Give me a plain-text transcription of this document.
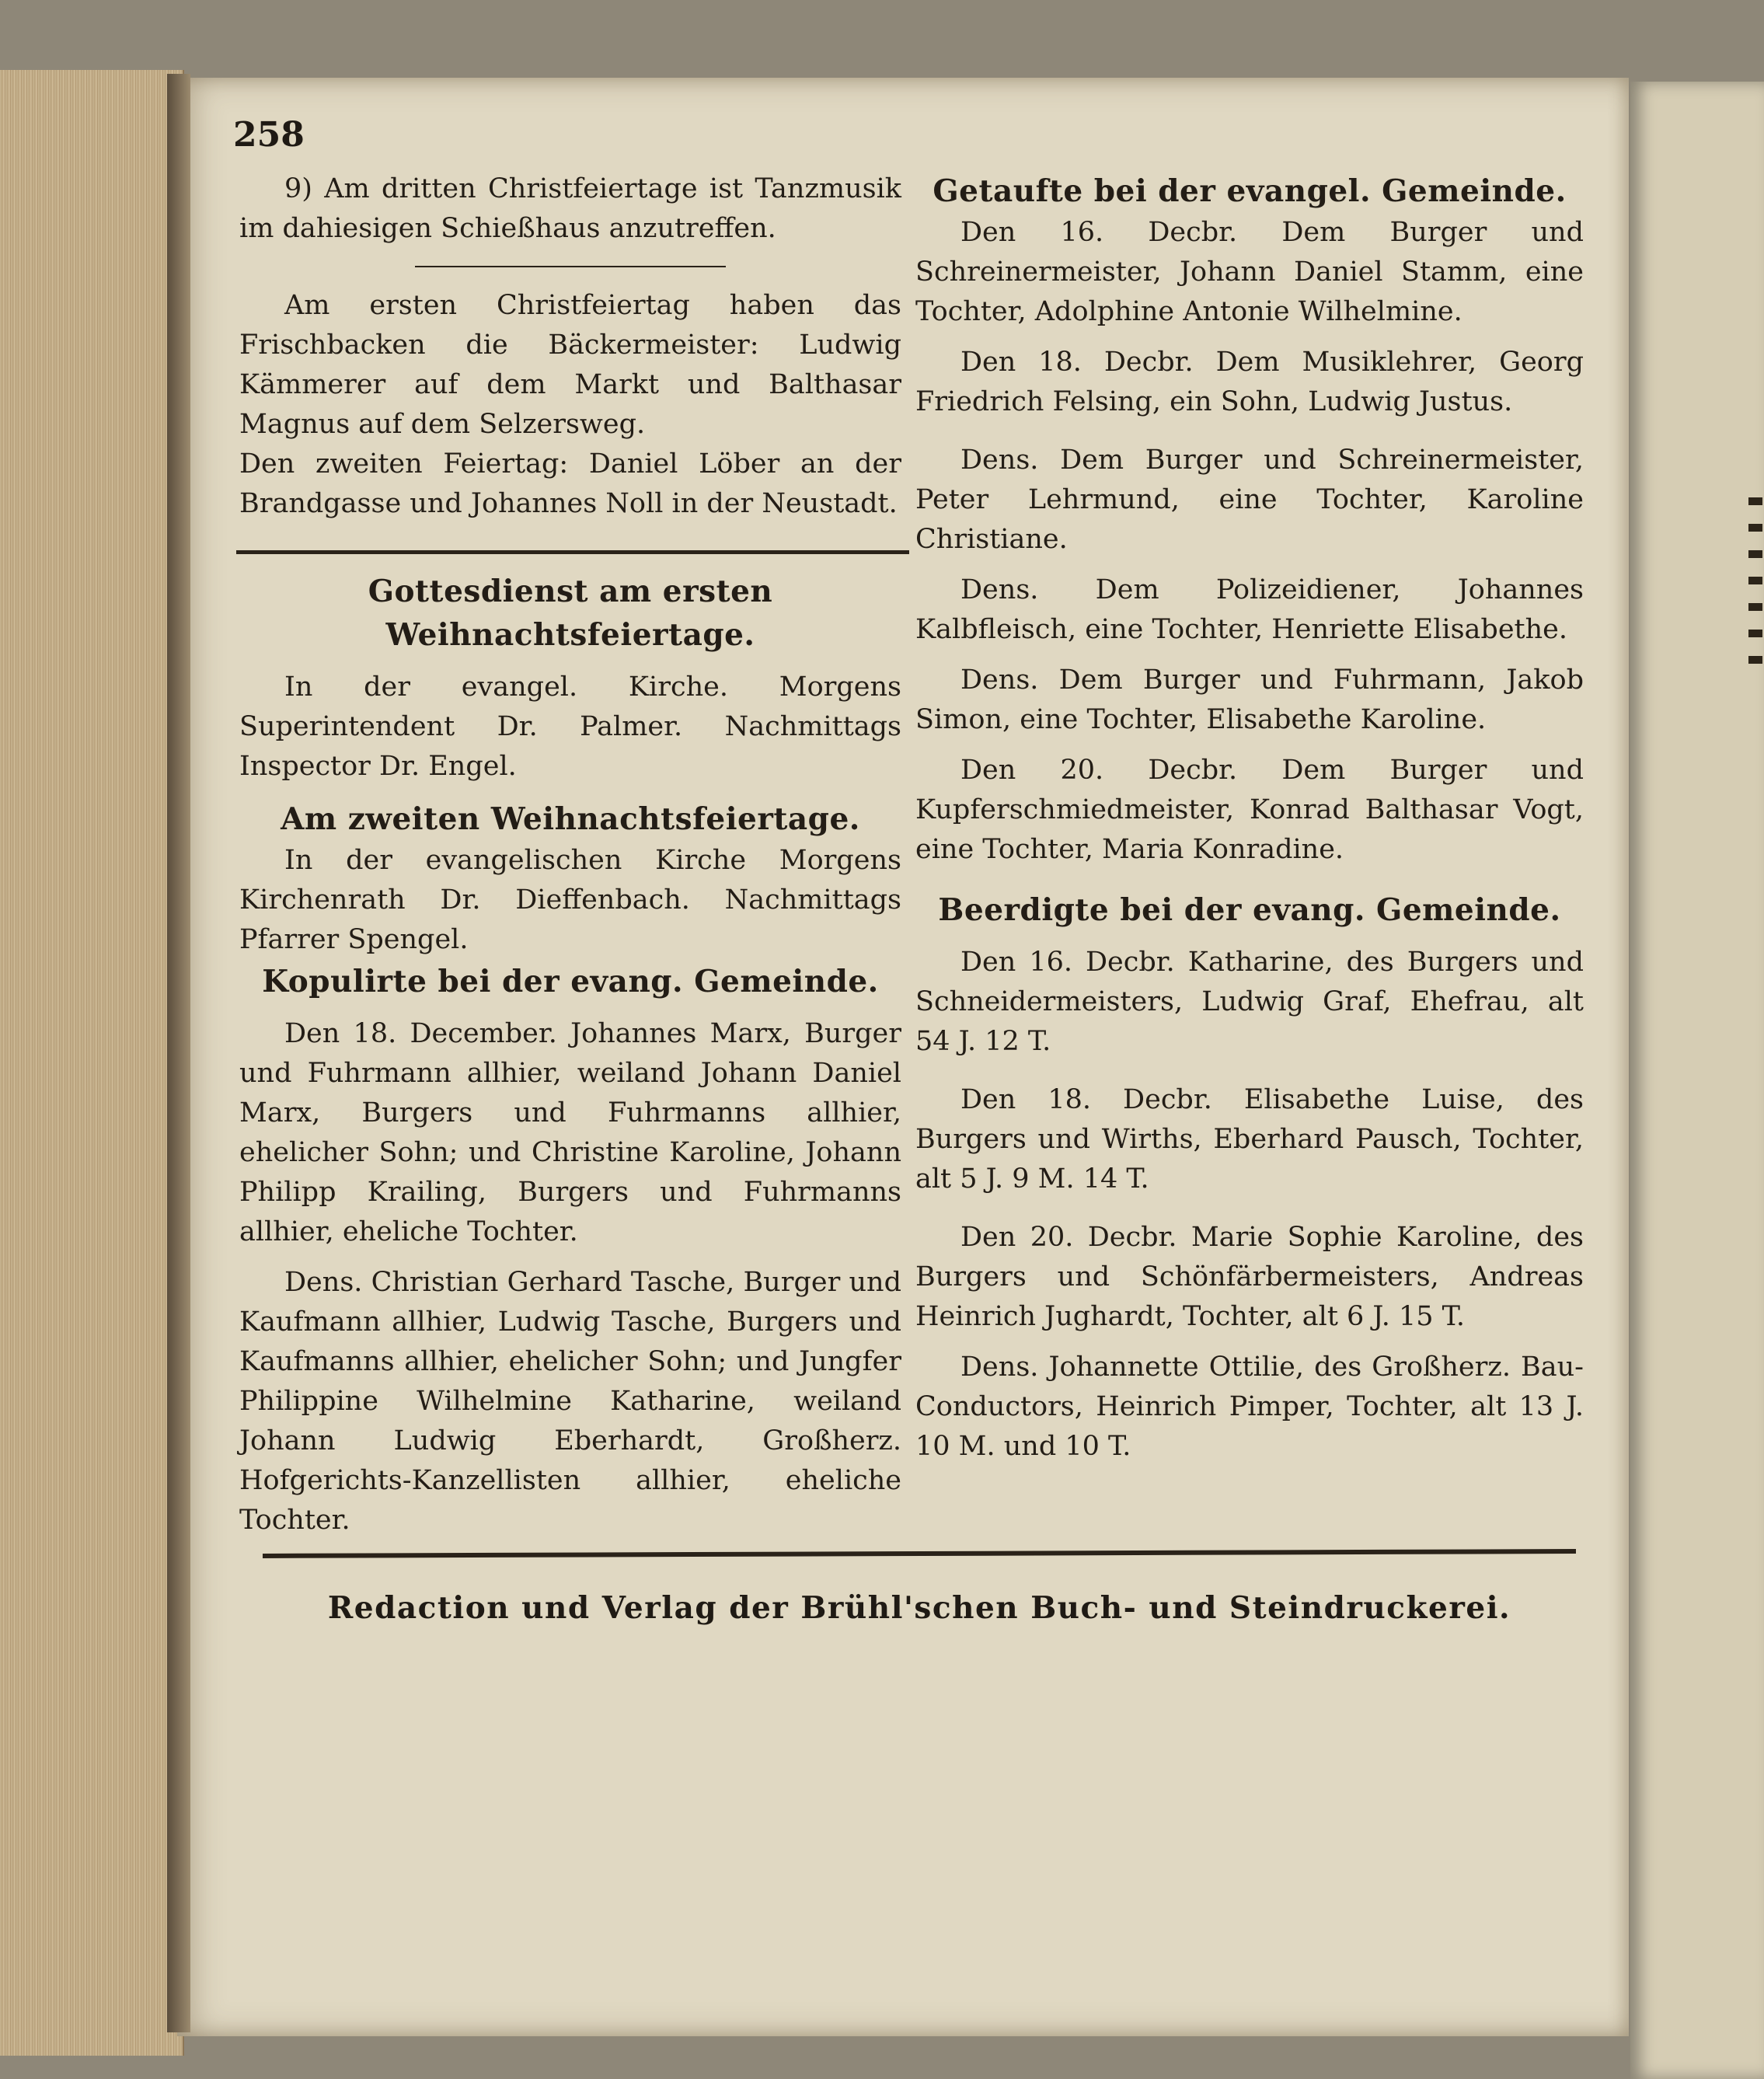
258

9) Am dritten Christfeiertage ist Tanzmusik im dahiesigen Schießhaus anzutreffen.

Am ersten Christfeiertag haben das Frischbacken die Bäckermeister: Ludwig Kämmerer auf dem Markt und Balthasar Magnus auf dem Selzersweg.

Den zweiten Feiertag: Daniel Löber an der Brandgasse und Johannes Noll in der Neustadt.

Gottesdienst am ersten Weihnachtsfeiertage.

In der evangel. Kirche. Morgens Superintendent Dr. Palmer. Nachmittags Inspector Dr. Engel.

Am zweiten Weihnachtsfeiertage.

In der evangelischen Kirche Morgens Kirchenrath Dr. Dieffenbach. Nachmittags Pfarrer Spengel.

Kopulirte bei der evang. Gemeinde.

Den 18. December. Johannes Marx, Burger und Fuhrmann allhier, weiland Johann Daniel Marx, Burgers und Fuhrmanns allhier, ehelicher Sohn; und Christine Karoline, Johann Philipp Krailing, Burgers und Fuhrmanns allhier, eheliche Tochter.

Dens. Christian Gerhard Tasche, Burger und Kaufmann allhier, Ludwig Tasche, Burgers und Kaufmanns allhier, ehelicher Sohn; und Jungfer Philippine Wilhelmine Katharine, weiland Johann Ludwig Eberhardt, Großherz. Hofgerichts-Kanzellisten allhier, eheliche Tochter.

Getaufte bei der evangel. Gemeinde.

Den 16. Decbr. Dem Burger und Schreinermeister, Johann Daniel Stamm, eine Tochter, Adolphine Antonie Wilhelmine.

Den 18. Decbr. Dem Musiklehrer, Georg Friedrich Felsing, ein Sohn, Ludwig Justus.

Dens. Dem Burger und Schreinermeister, Peter Lehrmund, eine Tochter, Karoline Christiane.

Dens. Dem Polizeidiener, Johannes Kalbfleisch, eine Tochter, Henriette Elisabethe.

Dens. Dem Burger und Fuhrmann, Jakob Simon, eine Tochter, Elisabethe Karoline.

Den 20. Decbr. Dem Burger und Kupferschmiedmeister, Konrad Balthasar Vogt, eine Tochter, Maria Konradine.

Beerdigte bei der evang. Gemeinde.

Den 16. Decbr. Katharine, des Burgers und Schneidermeisters, Ludwig Graf, Ehefrau, alt 54 J. 12 T.

Den 18. Decbr. Elisabethe Luise, des Burgers und Wirths, Eberhard Pausch, Tochter, alt 5 J. 9 M. 14 T.

Den 20. Decbr. Marie Sophie Karoline, des Burgers und Schönfärbermeisters, Andreas Heinrich Jughardt, Tochter, alt 6 J. 15 T.

Dens. Johannette Ottilie, des Großherz. Bau-Conductors, Heinrich Pimper, Tochter, alt 13 J. 10 M. und 10 T.

Redaction und Verlag der Brühl'schen Buch- und Steindruckerei.
